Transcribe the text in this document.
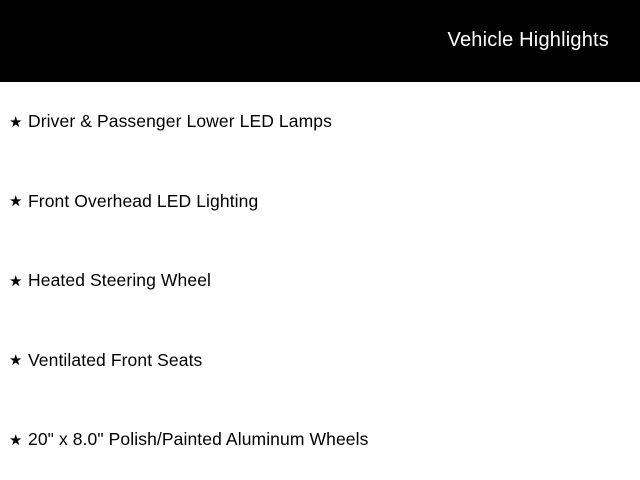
Vehicle Highlights
★ Driver & Passenger Lower LED Lamps
★ Front Overhead LED Lighting
★ Heated Steering Wheel
★ Ventilated Front Seats
★ 20" x 8.0" Polish/Painted Aluminum Wheels
